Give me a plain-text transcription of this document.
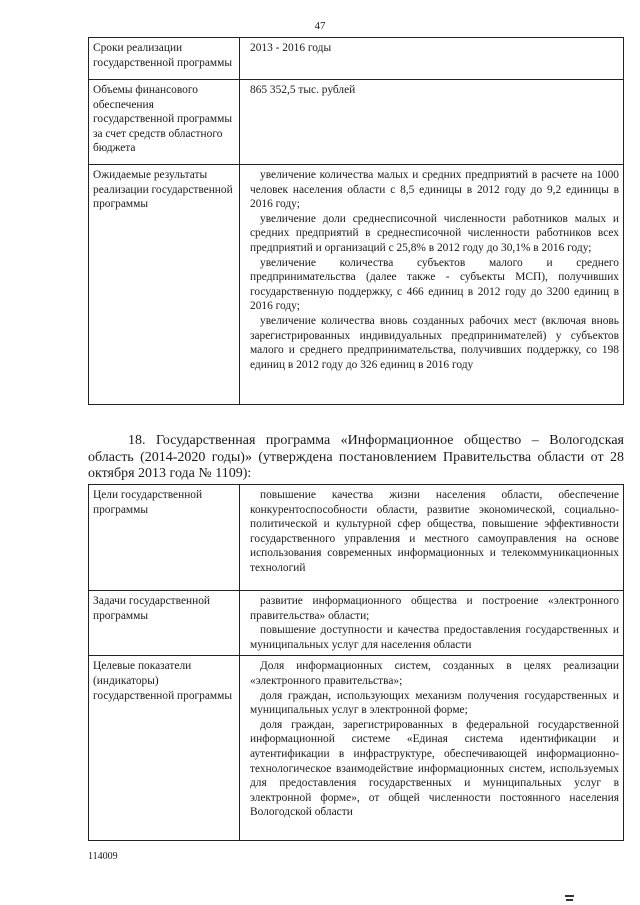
47
Сроки реализации государственной программы	2013 - 2016 годы
Объемы финансового обеспечения государственной программы за счет средств областного бюджета	865 352,5 тыс. рублей
Ожидаемые результаты реализации государственной программы	увеличение количества малых и средних предприятий в расчете на 1000 человек населения области с 8,5 единицы в 2012 году до 9,2 единицы в 2016 году;
увеличение доли среднесписочной численности работников малых и средних предприятий в среднесписочной численности работников всех предприятий и организаций с 25,8% в 2012 году до 30,1% в 2016 году;
увеличение количества субъектов малого и среднего предпринимательства (далее также - субъекты МСП), получивших государственную поддержку, с 466 единиц в 2012 году до 3200 единиц в 2016 году;
увеличение количества вновь созданных рабочих мест (включая вновь зарегистрированных индивидуальных предпринимателей) у субъектов малого и среднего предпринимательства, получивших поддержку, со 198 единиц в 2012 году до 326 единиц в 2016 году
18. Государственная программа «Информационное общество – Вологодская область (2014-2020 годы)» (утверждена постановлением Правительства области от 28 октября 2013 года № 1109):
Цели государственной программы	повышение качества жизни населения области, обеспечение конкурентоспособности области, развитие экономической, социально-политической и культурной сфер общества, повышение эффективности государственного управления и местного самоуправления на основе использования современных информационных и телекоммуникационных технологий

Задачи государственной программы	развитие информационного общества и построение «электронного правительства» области;
повышение доступности и качества предоставления государственных и муниципальных услуг для населения области

Целевые показатели (индикаторы) государственной программы	Доля информационных систем, созданных в целях реализации «электронного правительства»;
доля граждан, использующих механизм получения государственных и муниципальных услуг в электронной форме;
доля граждан, зарегистрированных в федеральной государственной информационной системе «Единая система идентификации и аутентификации в инфраструктуре, обеспечивающей информационно-технологическое взаимодействие информационных систем, используемых для предоставления государственных и муниципальных услуг в электронной форме», от общей численности постоянного населения Вологодской области
114009
